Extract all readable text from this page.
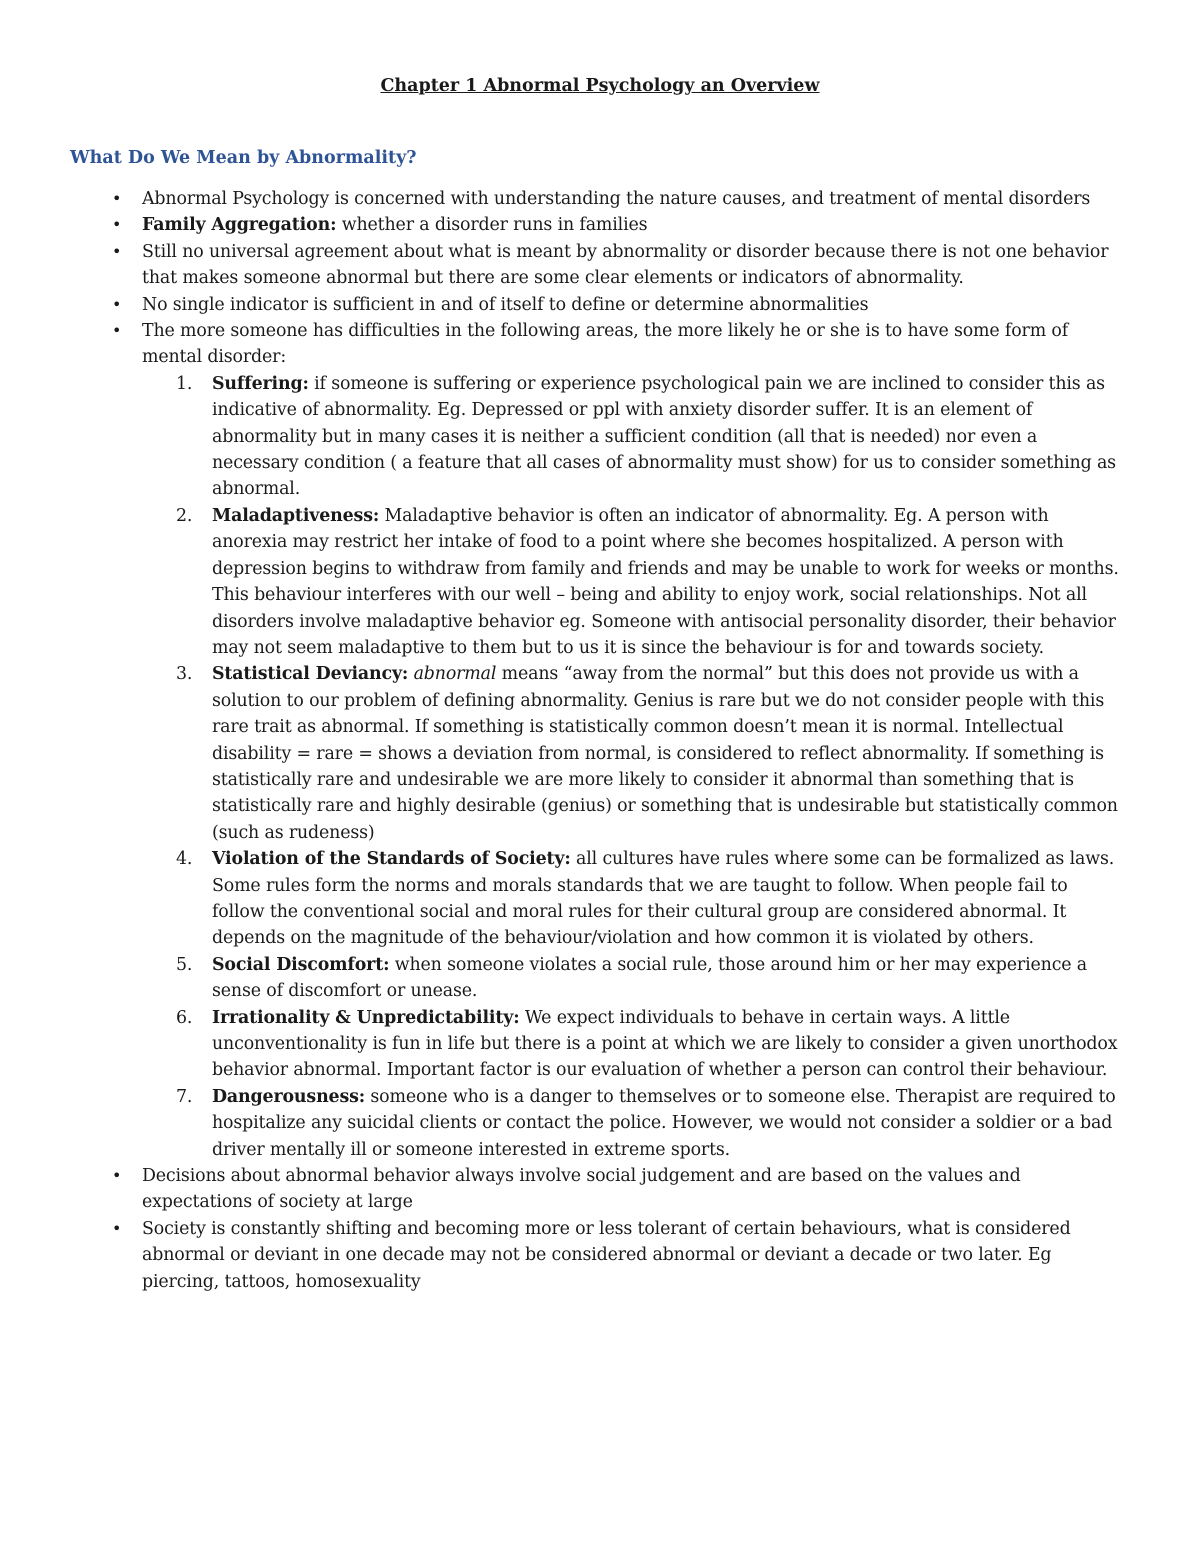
Chapter 1 Abnormal Psychology an Overview
What Do We Mean by Abnormality?
• Abnormal Psychology is concerned with understanding the nature causes, and treatment of mental disorders
• Family Aggregation: whether a disorder runs in families
• Still no universal agreement about what is meant by abnormality or disorder because there is not one behavior that makes someone abnormal but there are some clear elements or indicators of abnormality.
• No single indicator is sufficient in and of itself to define or determine abnormalities
• The more someone has difficulties in the following areas, the more likely he or she is to have some form of mental disorder:
1. Suffering: if someone is suffering or experience psychological pain we are inclined to consider this as indicative of abnormality. Eg. Depressed or ppl with anxiety disorder suffer. It is an element of abnormality but in many cases it is neither a sufficient condition (all that is needed) nor even a necessary condition ( a feature that all cases of abnormality must show) for us to consider something as abnormal.
2. Maladaptiveness: Maladaptive behavior is often an indicator of abnormality. Eg. A person with anorexia may restrict her intake of food to a point where she becomes hospitalized. A person with depression begins to withdraw from family and friends and may be unable to work for weeks or months. This behaviour interferes with our well – being and ability to enjoy work, social relationships. Not all disorders involve maladaptive behavior eg. Someone with antisocial personality disorder, their behavior may not seem maladaptive to them but to us it is since the behaviour is for and towards society.
3. Statistical Deviancy: abnormal means “away from the normal” but this does not provide us with a solution to our problem of defining abnormality. Genius is rare but we do not consider people with this rare trait as abnormal. If something is statistically common doesn’t mean it is normal. Intellectual disability = rare = shows a deviation from normal, is considered to reflect abnormality. If something is statistically rare and undesirable we are more likely to consider it abnormal than something that is statistically rare and highly desirable (genius) or something that is undesirable but statistically common (such as rudeness)
4. Violation of the Standards of Society: all cultures have rules where some can be formalized as laws. Some rules form the norms and morals standards that we are taught to follow. When people fail to follow the conventional social and moral rules for their cultural group are considered abnormal. It depends on the magnitude of the behaviour/violation and how common it is violated by others.
5. Social Discomfort: when someone violates a social rule, those around him or her may experience a sense of discomfort or unease.
6. Irrationality & Unpredictability: We expect individuals to behave in certain ways. A little unconventionality is fun in life but there is a point at which we are likely to consider a given unorthodox behavior abnormal. Important factor is our evaluation of whether a person can control their behaviour.
7. Dangerousness: someone who is a danger to themselves or to someone else. Therapist are required to hospitalize any suicidal clients or contact the police. However, we would not consider a soldier or a bad driver mentally ill or someone interested in extreme sports.
• Decisions about abnormal behavior always involve social judgement and are based on the values and expectations of society at large
• Society is constantly shifting and becoming more or less tolerant of certain behaviours, what is considered abnormal or deviant in one decade may not be considered abnormal or deviant a decade or two later. Eg piercing, tattoos, homosexuality
